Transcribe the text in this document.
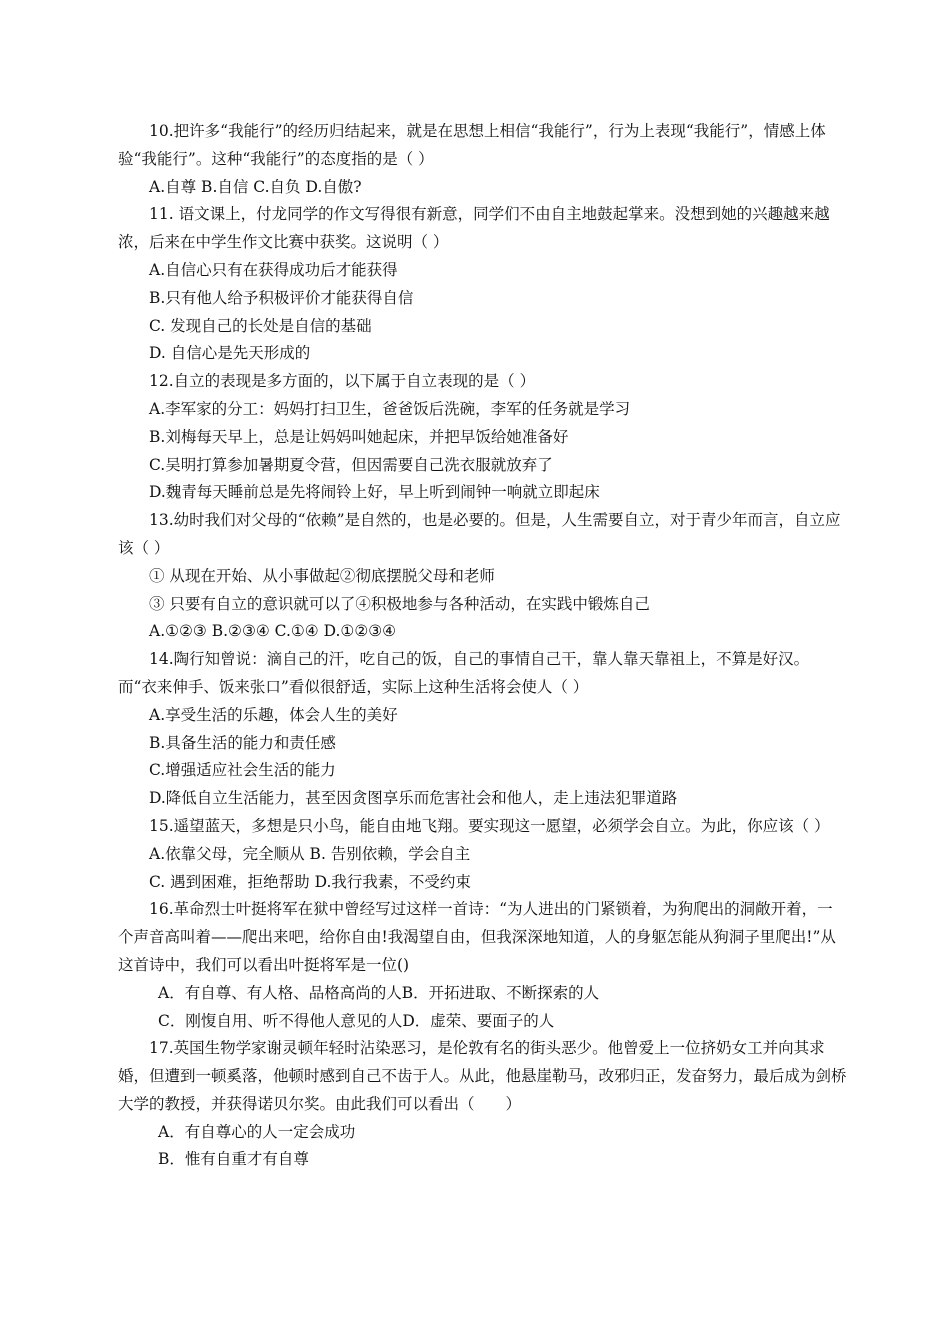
10.把许多“我能行”的经历归结起来，就是在思想上相信“我能行”，行为上表现“我能行”，情感上体验“我能行”。这种“我能行”的态度指的是（ ）

A.自尊 B.自信 C.自负 D.自傲?

11. 语文课上，付龙同学的作文写得很有新意，同学们不由自主地鼓起掌来。没想到她的兴趣越来越浓，后来在中学生作文比赛中获奖。这说明（ ）

A.自信心只有在获得成功后才能获得

B.只有他人给予积极评价才能获得自信

C. 发现自己的长处是自信的基础

D. 自信心是先天形成的

12.自立的表现是多方面的，以下属于自立表现的是（ ）

A.李军家的分工：妈妈打扫卫生，爸爸饭后洗碗，李军的任务就是学习

B.刘梅每天早上，总是让妈妈叫她起床，并把早饭给她准备好

C.吴明打算参加暑期夏令营，但因需要自己洗衣服就放弃了

D.魏青每天睡前总是先将闹铃上好，早上听到闹钟一响就立即起床

13.幼时我们对父母的“依赖”是自然的，也是必要的。但是，人生需要自立，对于青少年而言，自立应该（ ）

① 从现在开始、从小事做起②彻底摆脱父母和老师

③ 只要有自立的意识就可以了④积极地参与各种活动，在实践中锻炼自己

A.①②③ B.②③④ C.①④ D.①②③④

14.陶行知曾说：滴自己的汗，吃自己的饭，自己的事情自己干，靠人靠天靠祖上，不算是好汉。而“衣来伸手、饭来张口”看似很舒适，实际上这种生活将会使人（ ）

A.享受生活的乐趣，体会人生的美好

B.具备生活的能力和责任感

C.增强适应社会生活的能力

D.降低自立生活能力，甚至因贪图享乐而危害社会和他人，走上违法犯罪道路

15.遥望蓝天，多想是只小鸟，能自由地飞翔。要实现这一愿望，必须学会自立。为此，你应该（ ）

A.依靠父母，完全顺从 B. 告别依赖，学会自主

C. 遇到困难，拒绝帮助 D.我行我素，不受约束

16.革命烈士叶挺将军在狱中曾经写过这样一首诗：“为人进出的门紧锁着，为狗爬出的洞敞开着，一个声音高叫着——爬出来吧，给你自由!我渴望自由，但我深深地知道，人的身躯怎能从狗洞子里爬出!”从这首诗中，我们可以看出叶挺将军是一位()

A．有自尊、有人格、品格高尚的人B．开拓进取、不断探索的人

C．刚愎自用、听不得他人意见的人D．虚荣、要面子的人

17.英国生物学家谢灵顿年轻时沾染恶习，是伦敦有名的街头恶少。他曾爱上一位挤奶女工并向其求婚，但遭到一顿奚落，他顿时感到自己不齿于人。从此，他悬崖勒马，改邪归正，发奋努力，最后成为剑桥大学的教授，并获得诺贝尔奖。由此我们可以看出（　　）

A．有自尊心的人一定会成功

B．惟有自重才有自尊
